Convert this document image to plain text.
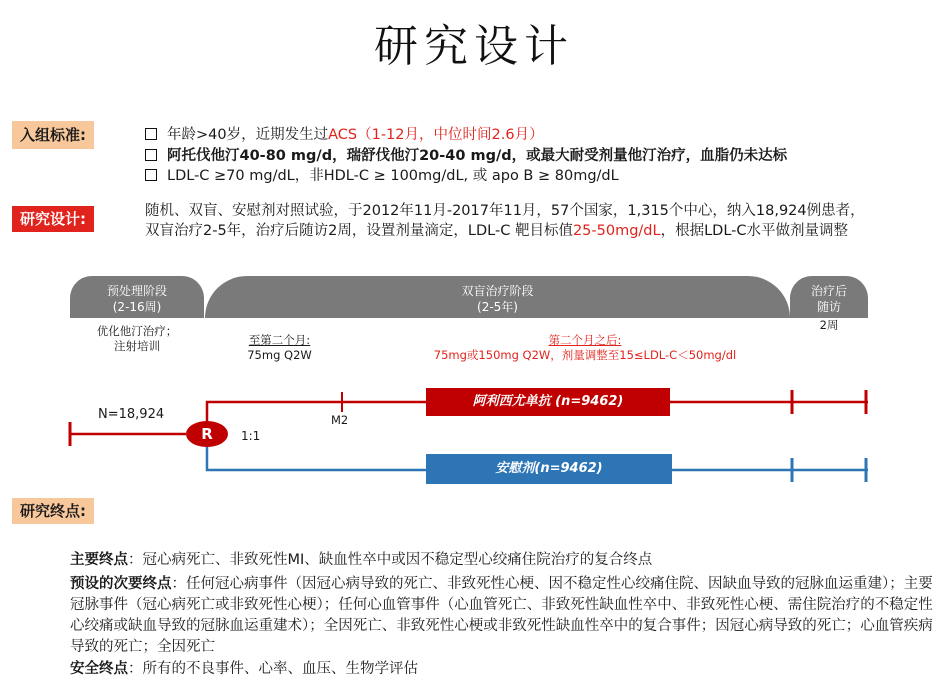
研究设计
入组标准:	年龄>40岁，近期发生过ACS（1-12月，中位时间2.6月）
阿托伐他汀40-80 mg/d，瑞舒伐他汀20-40 mg/d，或最大耐受剂量他汀治疗，血脂仍未达标
LDL-C ≥70 mg/dL，非HDL-C ≥ 100mg/dL, 或 apo B ≥ 80mg/dL
研究设计:	随机、双盲、安慰剂对照试验，于2012年11月-2017年11月，57个国家，1,315个中心，纳入18,924例患者，双盲治疗2-5年，治疗后随访2周，设置剂量滴定，LDL-C 靶目标值25-50mg/dL，根据LDL-C水平做剂量调整
预处理阶段
(2-16周)
双盲治疗阶段
(2-5年)
治疗后
随访
优化他汀治疗；
注射培训
2周
至第二个月:
75mg Q2W
第二个月之后:
75mg或150mg Q2W，剂量调整至15≤LDL-C＜50mg/dl
R
N=18,924
1:1
M2
阿利西尤单抗 (n=9462)
安慰剂(n=9462)
研究终点:
主要终点：冠心病死亡、非致死性MI、缺血性卒中或因不稳定型心绞痛住院治疗的复合终点
预设的次要终点：任何冠心病事件（因冠心病导致的死亡、非致死性心梗、因不稳定性心绞痛住院、因缺血导致的冠脉血运重建）；主要冠脉事件（冠心病死亡或非致死性心梗）；任何心血管事件（心血管死亡、非致死性缺血性卒中、非致死性心梗、需住院治疗的不稳定性心绞痛或缺血导致的冠脉血运重建术）；全因死亡、非致死性心梗或非致死性缺血性卒中的复合事件；因冠心病导致的死亡；心血管疾病导致的死亡；全因死亡
安全终点：所有的不良事件、心率、血压、生物学评估
